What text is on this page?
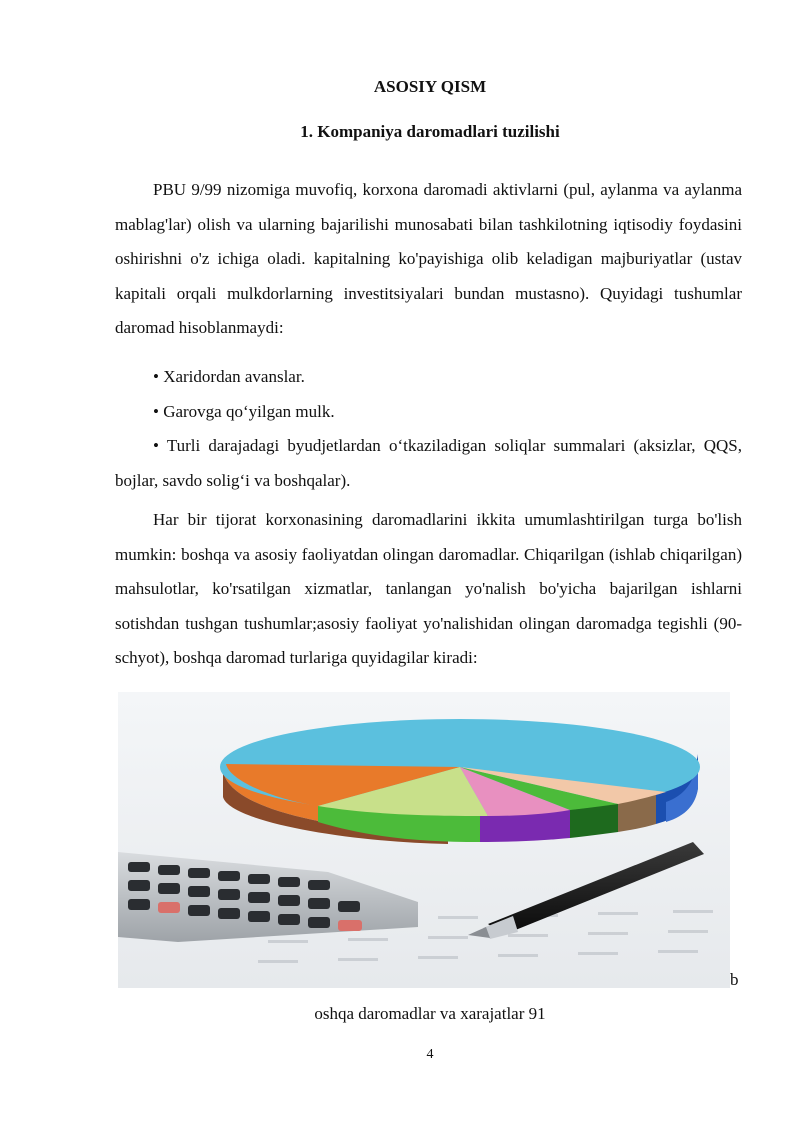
ASOSIY QISM
1. Kompaniya daromadlari tuzilishi

PBU 9/99 nizomiga muvofiq, korxona daromadi aktivlarni (pul, aylanma va aylanma mablag'lar) olish va ularning bajarilishi munosabati bilan tashkilotning iqtisodiy foydasini oshirishni o'z ichiga oladi. kapitalning ko'payishiga olib keladigan majburiyatlar (ustav kapitali orqali mulkdorlarning investitsiyalari bundan mustasno). Quyidagi tushumlar daromad hisoblanmaydi:

• Xaridordan avanslar.

• Garovga qo‘yilgan mulk.

• Turli darajadagi byudjetlardan o‘tkaziladigan soliqlar summalari (aksizlar, QQS, bojlar, savdo solig‘i va boshqalar).

Har bir tijorat korxonasining daromadlarini ikkita umumlashtirilgan turga bo'lish mumkin: boshqa va asosiy faoliyatdan olingan daromadlar. Chiqarilgan (ishlab chiqarilgan) mahsulotlar, ko'rsatilgan xizmatlar, tanlangan yo'nalish bo'yicha bajarilgan ishlarni sotishdan tushgan tushumlar;asosiy faoliyat yo'nalishidan olingan daromadga tegishli (90-schyot), boshqa daromad turlariga quyidagilar kiradi:

b
oshqa daromadlar va xarajatlar 91
4
